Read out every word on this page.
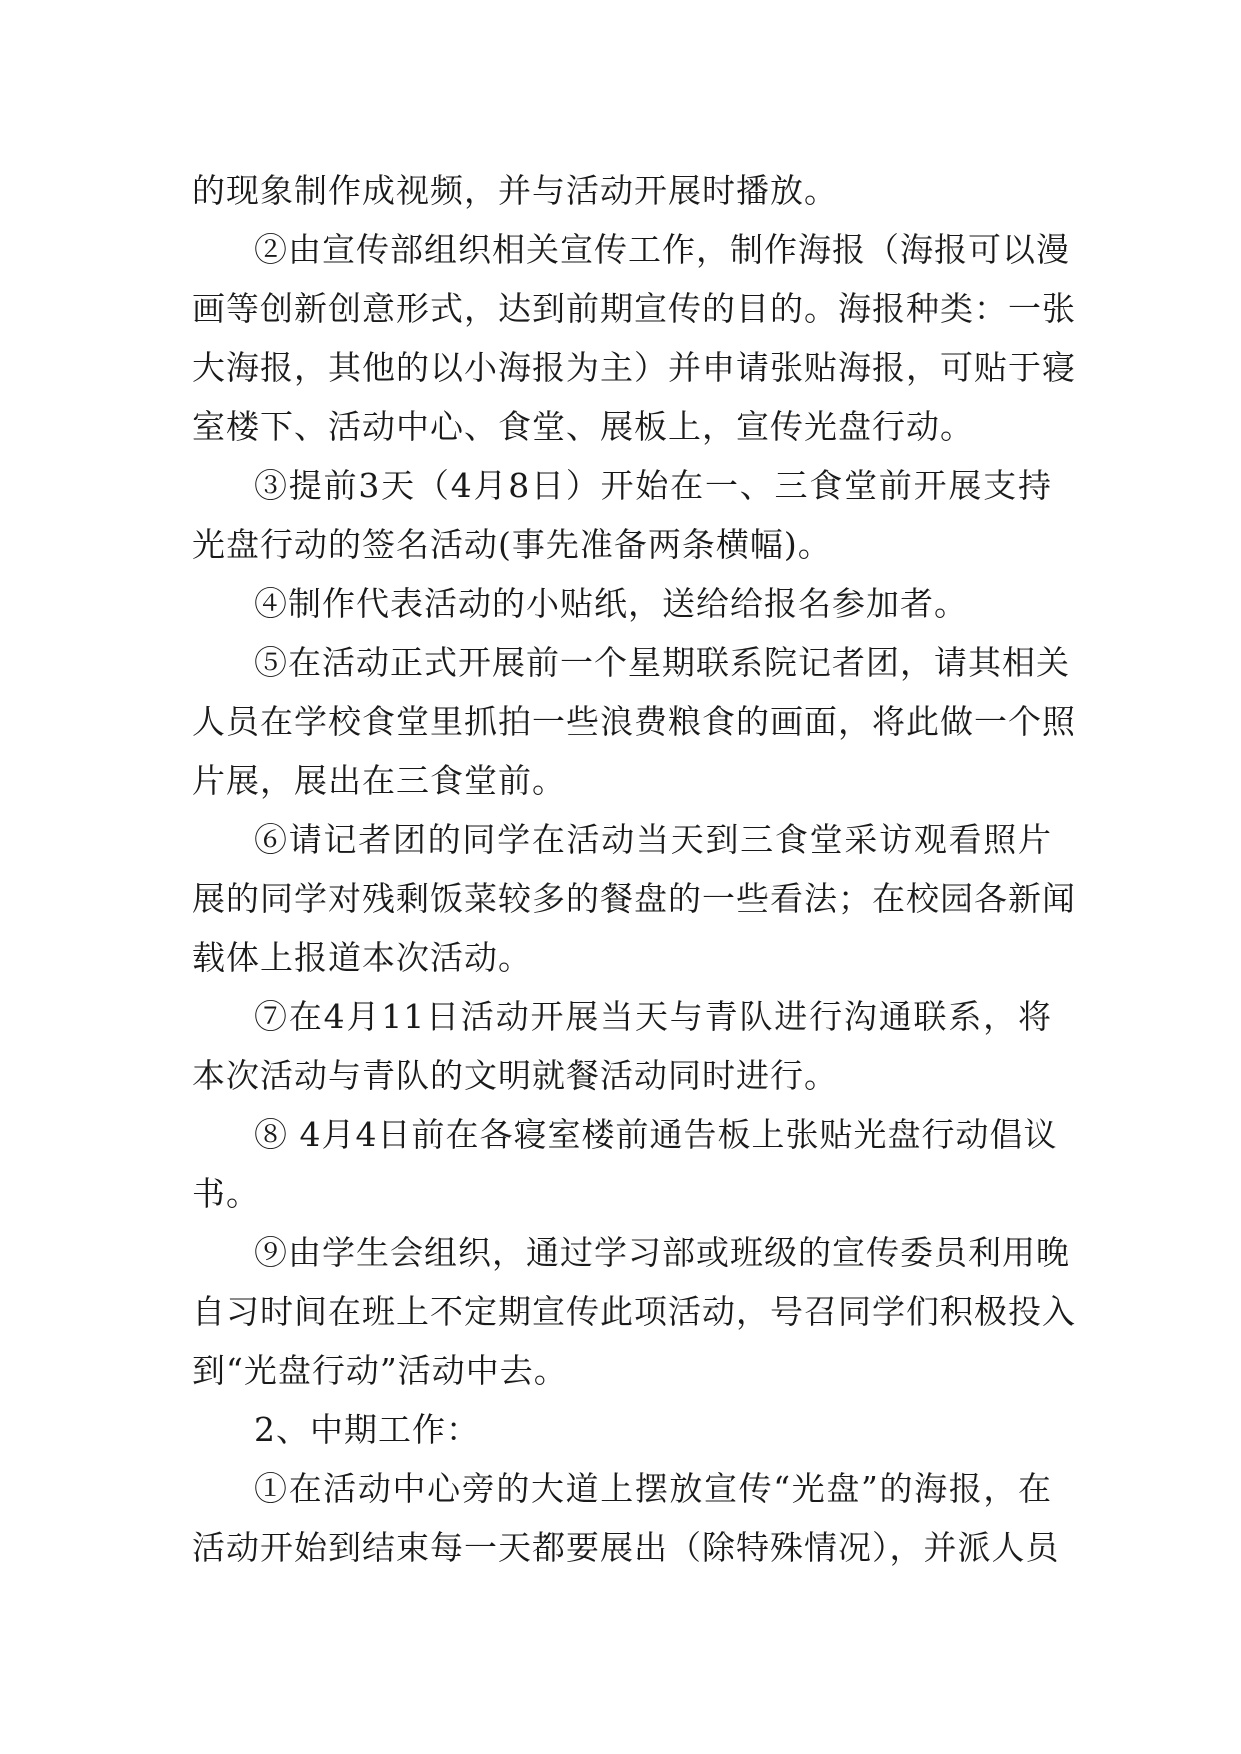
的现象制作成视频，并与活动开展时播放。
②由宣传部组织相关宣传工作，制作海报（海报可以漫
画等创新创意形式，达到前期宣传的目的。海报种类：一张
大海报，其他的以小海报为主）并申请张贴海报，可贴于寝
室楼下、活动中心、食堂、展板上，宣传光盘行动。
③提前3天（4月8日）开始在一、三食堂前开展支持
光盘行动的签名活动(事先准备两条横幅)。
④制作代表活动的小贴纸，送给给报名参加者。
⑤在活动正式开展前一个星期联系院记者团，请其相关
人员在学校食堂里抓拍一些浪费粮食的画面，将此做一个照
片展，展出在三食堂前。
⑥请记者团的同学在活动当天到三食堂采访观看照片
展的同学对残剩饭菜较多的餐盘的一些看法；在校园各新闻
载体上报道本次活动。
⑦在4月11日活动开展当天与青队进行沟通联系，将
本次活动与青队的文明就餐活动同时进行。
⑧ 4月4日前在各寝室楼前通告板上张贴光盘行动倡议
书。
⑨由学生会组织，通过学习部或班级的宣传委员利用晚
自习时间在班上不定期宣传此项活动，号召同学们积极投入
到“光盘行动”活动中去。
2、中期工作：
①在活动中心旁的大道上摆放宣传“光盘”的海报，在
活动开始到结束每一天都要展出（除特殊情况），并派人员
